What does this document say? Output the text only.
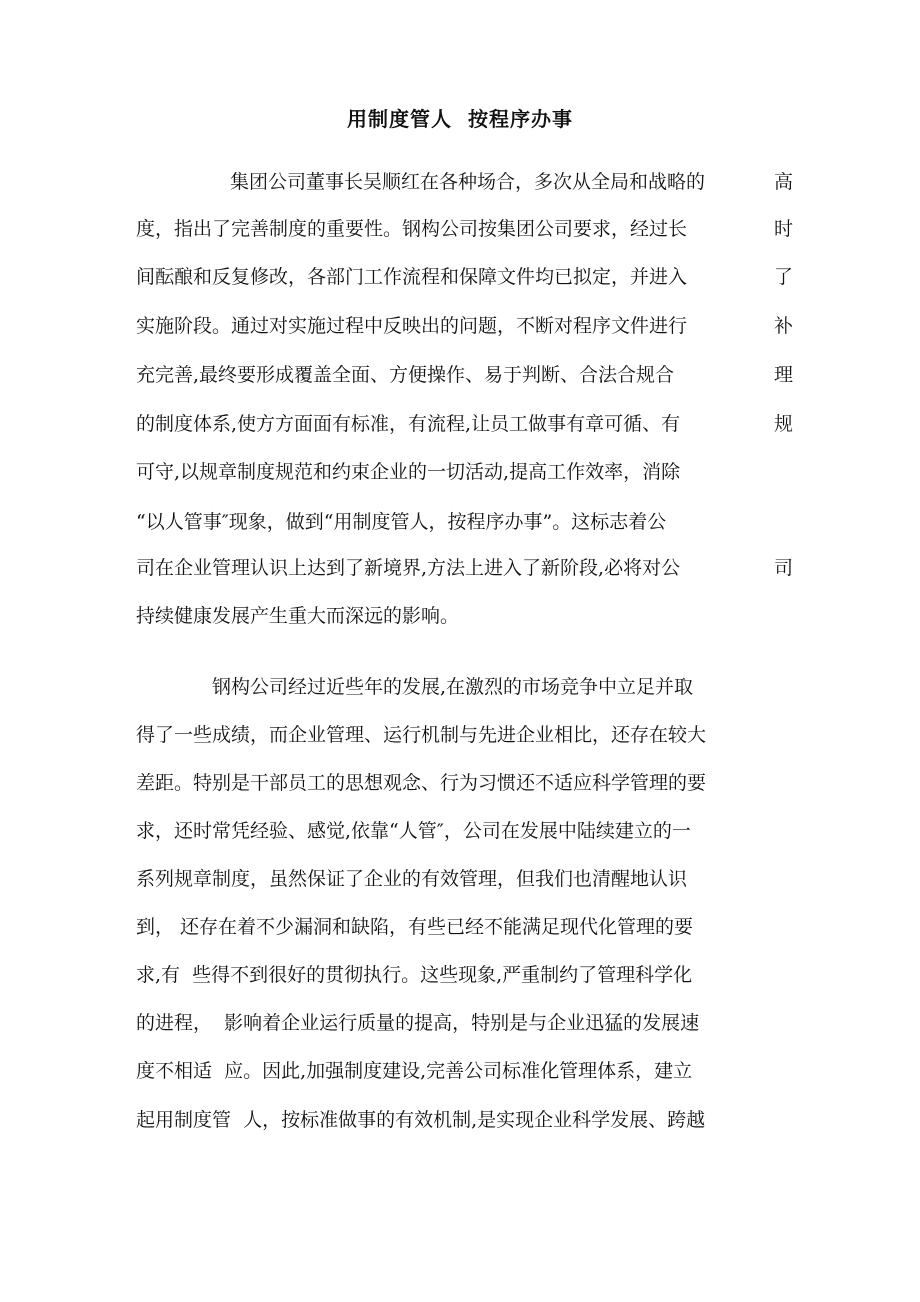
用制度管人  按程序办事
集团公司董事长吴顺红在各种场合，多次从全局和战略的	高
度，指出了完善制度的重要性。钢构公司按集团公司要求，经过长	时
间酝酿和反复修改，各部门工作流程和保障文件均已拟定，并进入	了
实施阶段。通过对实施过程中反映出的问题，不断对程序文件进行	补
充完善,最终要形成覆盖全面、方便操作、易于判断、合法合规合	理
的制度体系,使方方面面有标准，有流程,让员工做事有章可循、有	规
可守,以规章制度规范和约束企业的一切活动,提高工作效率，消除
“以人管事″现象，做到“用制度管人，按程序办事”。这标志着公
司在企业管理认识上达到了新境界,方法上进入了新阶段,必将对公	司
持续健康发展产生重大而深远的影响。
钢构公司经过近些年的发展,在激烈的市场竞争中立足并取
得了一些成绩，而企业管理、运行机制与先进企业相比，还存在较大
差距。特别是干部员工的思想观念、行为习惯还不适应科学管理的要
求，还时常凭经验、感觉,依靠“人管″，公司在发展中陆续建立的一
系列规章制度，虽然保证了企业的有效管理，但我们也清醒地认识
到， 还存在着不少漏洞和缺陷，有些已经不能满足现代化管理的要
求,有  些得不到很好的贯彻执行。这些现象,严重制约了管理科学化
的进程，  影响着企业运行质量的提高，特别是与企业迅猛的发展速
度不相适  应。因此,加强制度建设,完善公司标准化管理体系，建立
起用制度管  人，按标准做事的有效机制,是实现企业科学发展、跨越
